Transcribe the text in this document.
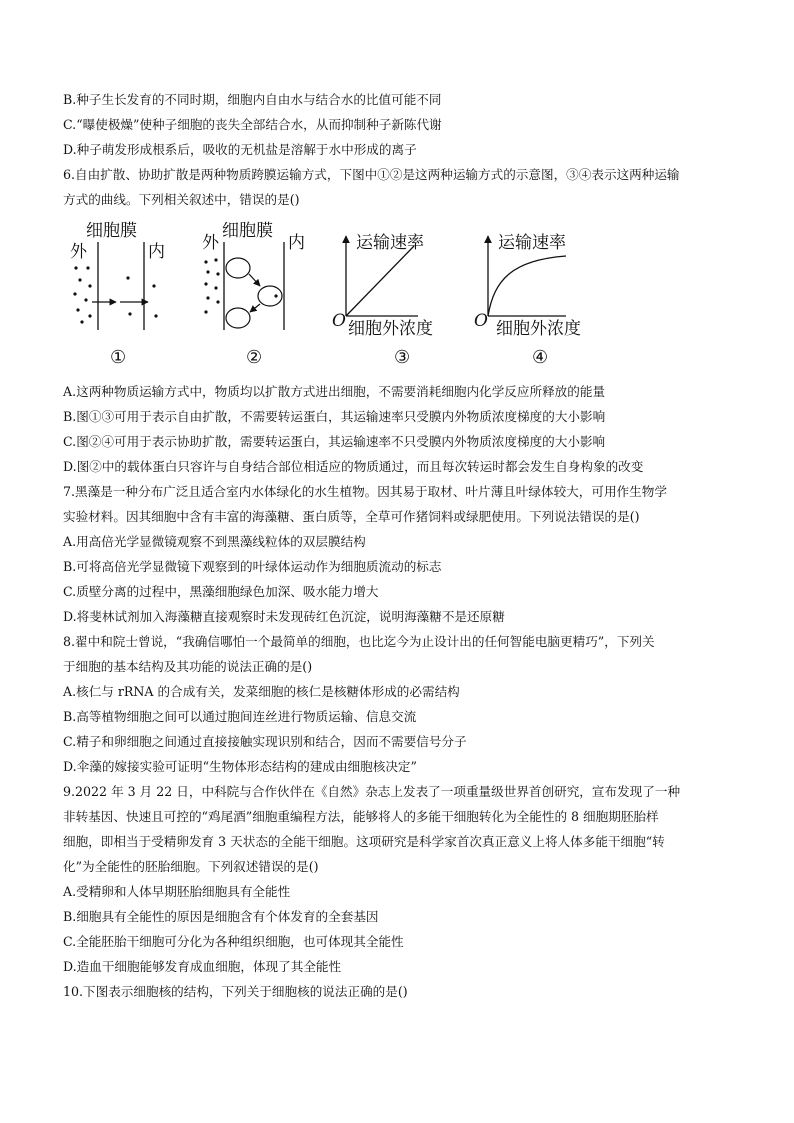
B.种子生长发育的不同时期，细胞内自由水与结合水的比值可能不同
C.“曝使极燥”使种子细胞的丧失全部结合水，从而抑制种子新陈代谢
D.种子萌发形成根系后，吸收的无机盐是溶解于水中形成的离子
6.自由扩散、协助扩散是两种物质跨膜运输方式，下图中①②是这两种运输方式的示意图，③④表示这两种运输
方式的曲线。下列相关叙述中，错误的是()
细胞膜
外	内
①
细胞膜
外	内
②
运输速率
O 细胞外浓度
③
运输速率
O 细胞外浓度
④
A.这两种物质运输方式中，物质均以扩散方式进出细胞，不需要消耗细胞内化学反应所释放的能量
B.图①③可用于表示自由扩散，不需要转运蛋白，其运输速率只受膜内外物质浓度梯度的大小影响
C.图②④可用于表示协助扩散，需要转运蛋白，其运输速率不只受膜内外物质浓度梯度的大小影响
D.图②中的载体蛋白只容许与自身结合部位相适应的物质通过，而且每次转运时都会发生自身构象的改变
7.黑藻是一种分布广泛且适合室内水体绿化的水生植物。因其易于取材、叶片薄且叶绿体较大，可用作生物学
实验材料。因其细胞中含有丰富的海藻糖、蛋白质等，全草可作猪饲料或绿肥使用。下列说法错误的是()
A.用高倍光学显微镜观察不到黑藻线粒体的双层膜结构
B.可将高倍光学显微镜下观察到的叶绿体运动作为细胞质流动的标志
C.质壁分离的过程中，黑藻细胞绿色加深、吸水能力增大
D.将斐林试剂加入海藻糖直接观察时未发现砖红色沉淀，说明海藻糖不是还原糖
8.翟中和院士曾说，“我确信哪怕一个最简单的细胞，也比迄今为止设计出的任何智能电脑更精巧”，下列关
于细胞的基本结构及其功能的说法正确的是()
A.核仁与 rRNA 的合成有关，发菜细胞的核仁是核糖体形成的必需结构
B.高等植物细胞之间可以通过胞间连丝进行物质运输、信息交流
C.精子和卵细胞之间通过直接接触实现识别和结合，因而不需要信号分子
D.伞藻的嫁接实验可证明“生物体形态结构的建成由细胞核决定”
9.2022 年 3 月 22 日，中科院与合作伙伴在《自然》杂志上发表了一项重量级世界首创研究，宣布发现了一种
非转基因、快速且可控的“鸡尾酒”细胞重编程方法，能够将人的多能干细胞转化为全能性的 8 细胞期胚胎样
细胞，即相当于受精卵发育 3 天状态的全能干细胞。这项研究是科学家首次真正意义上将人体多能干细胞“转
化”为全能性的胚胎细胞。下列叙述错误的是()
A.受精卵和人体早期胚胎细胞具有全能性
B.细胞具有全能性的原因是细胞含有个体发育的全套基因
C.全能胚胎干细胞可分化为各种组织细胞，也可体现其全能性
D.造血干细胞能够发育成血细胞，体现了其全能性
10.下图表示细胞核的结构，下列关于细胞核的说法正确的是()
